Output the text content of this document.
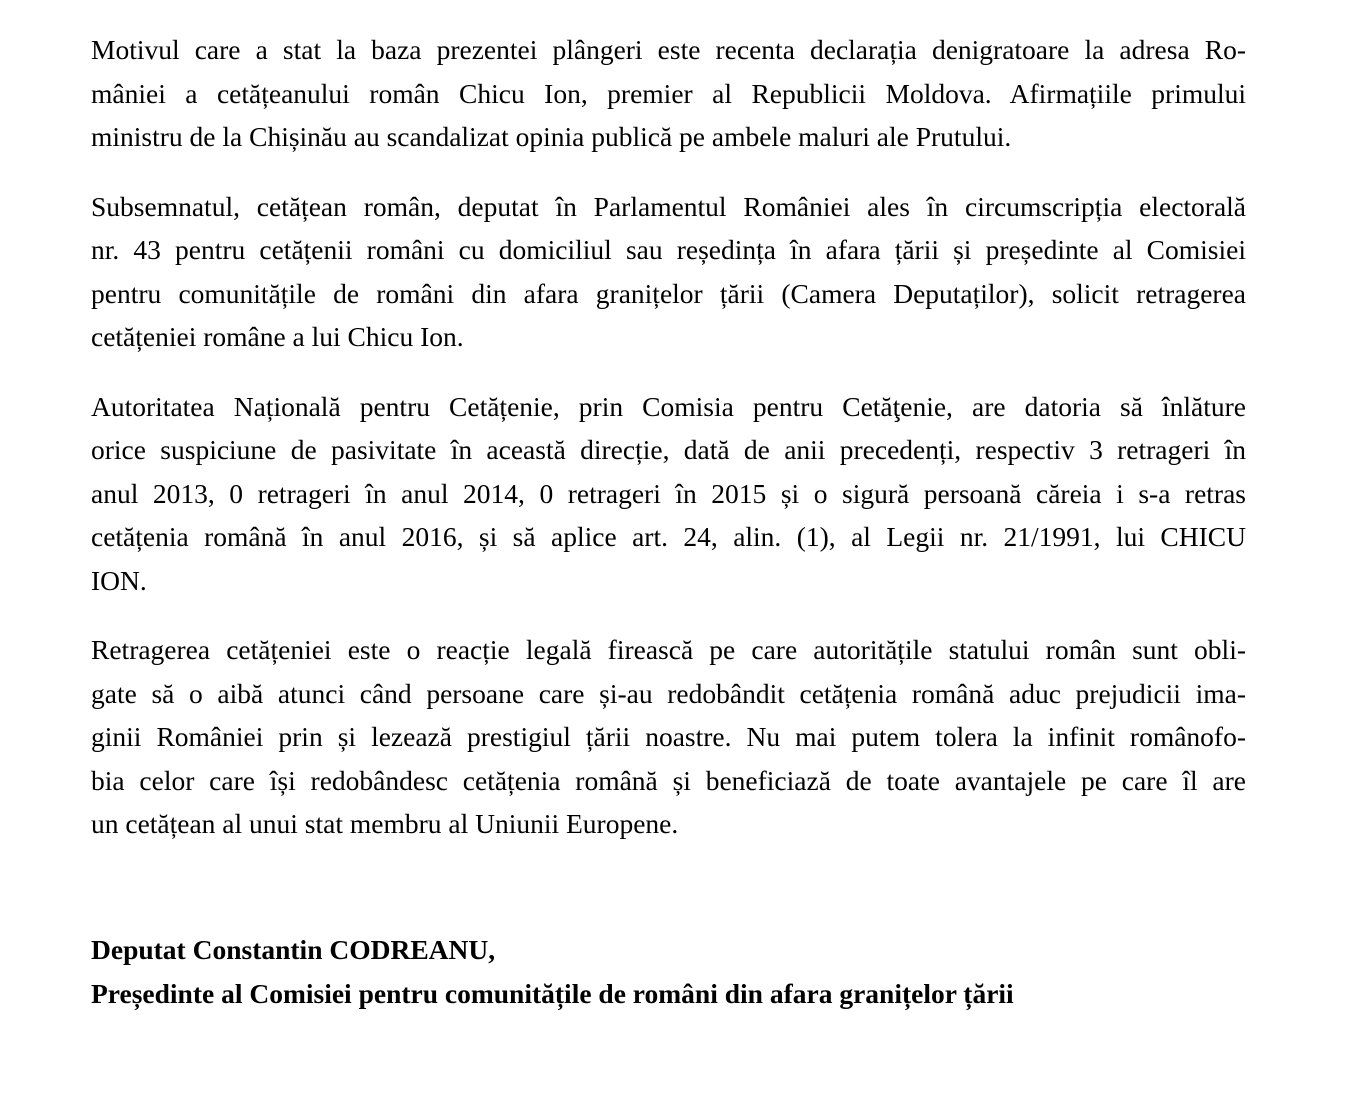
Motivul care a stat la baza prezentei plângeri este recenta declarația denigratoare la adresa Ro-
mâniei a cetățeanului român Chicu Ion, premier al Republicii Moldova. Afirmațiile primului
ministru de la Chișinău au scandalizat opinia publică pe ambele maluri ale Prutului.

Subsemnatul, cetățean român, deputat în Parlamentul României ales în circumscripția electorală
nr. 43 pentru cetățenii români cu domiciliul sau reședința în afara țării și președinte al Comisiei
pentru comunitățile de români din afara granițelor țării (Camera Deputaților), solicit retragerea
cetățeniei române a lui Chicu Ion.

Autoritatea Națională pentru Cetățenie, prin Comisia pentru Cetăţenie, are datoria să înlăture
orice suspiciune de pasivitate în această direcție, dată de anii precedenți, respectiv 3 retrageri în
anul 2013, 0 retrageri în anul 2014, 0 retrageri în 2015 și o sigură persoană căreia i s-a retras
cetățenia română în anul 2016, și să aplice art. 24, alin. (1), al Legii nr. 21/1991, lui CHICU
ION.

Retragerea cetățeniei este o reacție legală firească pe care autoritățile statului român sunt obli-
gate să o aibă atunci când persoane care și-au redobândit cetățenia română aduc prejudicii ima-
ginii României prin și lezează prestigiul țării noastre. Nu mai putem tolera la infinit românofo-
bia celor care își redobândesc cetățenia română și beneficiază de toate avantajele pe care îl are
un cetățean al unui stat membru al Uniunii Europene.

Deputat Constantin CODREANU,
Președinte al Comisiei pentru comunitățile de români din afara granițelor țării
